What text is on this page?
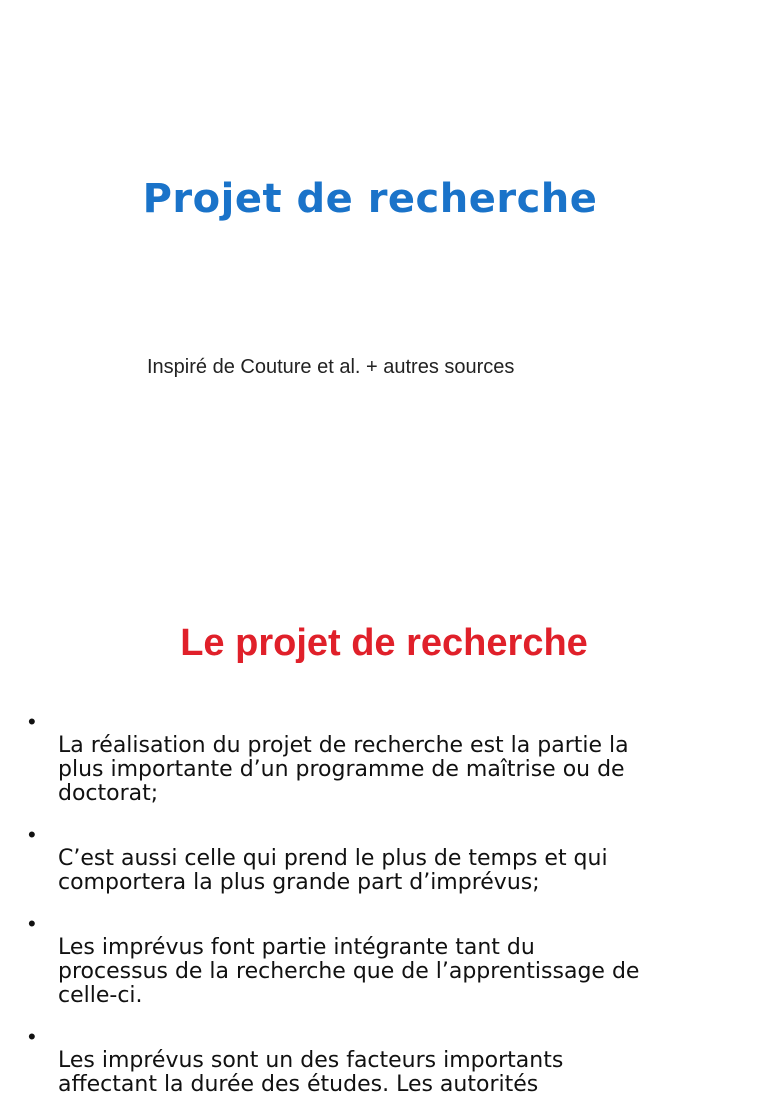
Projet de recherche

Inspiré de Couture et al. + autres sources

Le projet de recherche

•
La réalisation du projet de recherche est la partie la
plus importante d’un programme de maîtrise ou de
doctorat;

•
C’est aussi celle qui prend le plus de temps et qui
comportera la plus grande part d’imprévus;

•
Les imprévus font partie intégrante tant du
processus de la recherche que de l’apprentissage de
celle-ci.

•
Les imprévus sont un des facteurs importants
affectant la durée des études. Les autorités
